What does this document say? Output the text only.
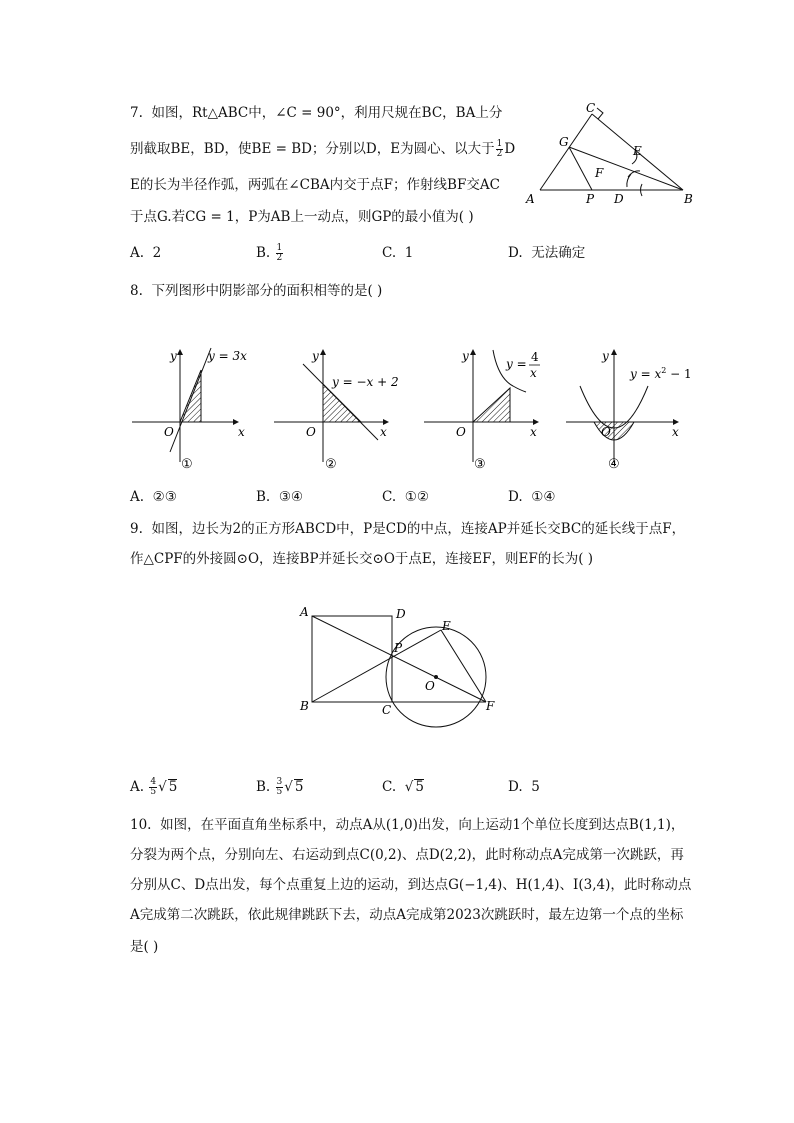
7. 如图，Rt△ABC中，∠C = 90°，利用尺规在BC，BA上分
别截取BE，BD，使BE = BD；分别以D，E为圆心、以大于 $\frac{1}{2}$ D
E的长为半径作弧，两弧在∠CBA内交于点F；作射线BF交AC
于点G.若CG = 1，P为AB上一动点，则GP的最小值为( )
A	B
C
D
E
F
G
P
A. 2	B. $\frac{1}{2}$	C. 1	D. 无法确定
8. 下列图形中阴影部分的面积相等的是( )
y = 3x
y
x
O
①
y = −x + 2
y
x
O
②
y = 4
x
y
x
O
③
$y = x^2 - 1$
y
x
O
④
A. ②③	B. ③④	C. ①②	D. ①④
9. 如图，边长为2的正方形ABCD中，P是CD的中点，连接AP并延长交BC的延长线于点F，
作△CPF的外接圆⊙O，连接BP并延长交⊙O于点E，连接EF，则EF的长为( )
A	D
B	C
P
E
O
F
A. $\frac{4}{5}$ √ 5	B. $\frac{3}{5}$ √ 5	C.  √ 5	D. 5
10. 如图，在平面直角坐标系中，动点A从(1,0)出发，向上运动1个单位长度到达点B(1,1)，
分裂为两个点，分别向左、右运动到点C(0,2)、点D(2,2)，此时称动点A完成第一次跳跃，再
分别从C、D点出发，每个点重复上边的运动，到达点G(−1,4)、H(1,4)、I(3,4)，此时称动点
A完成第二次跳跃，依此规律跳跃下去，动点A完成第2023次跳跃时，最左边第一个点的坐标
是( )
